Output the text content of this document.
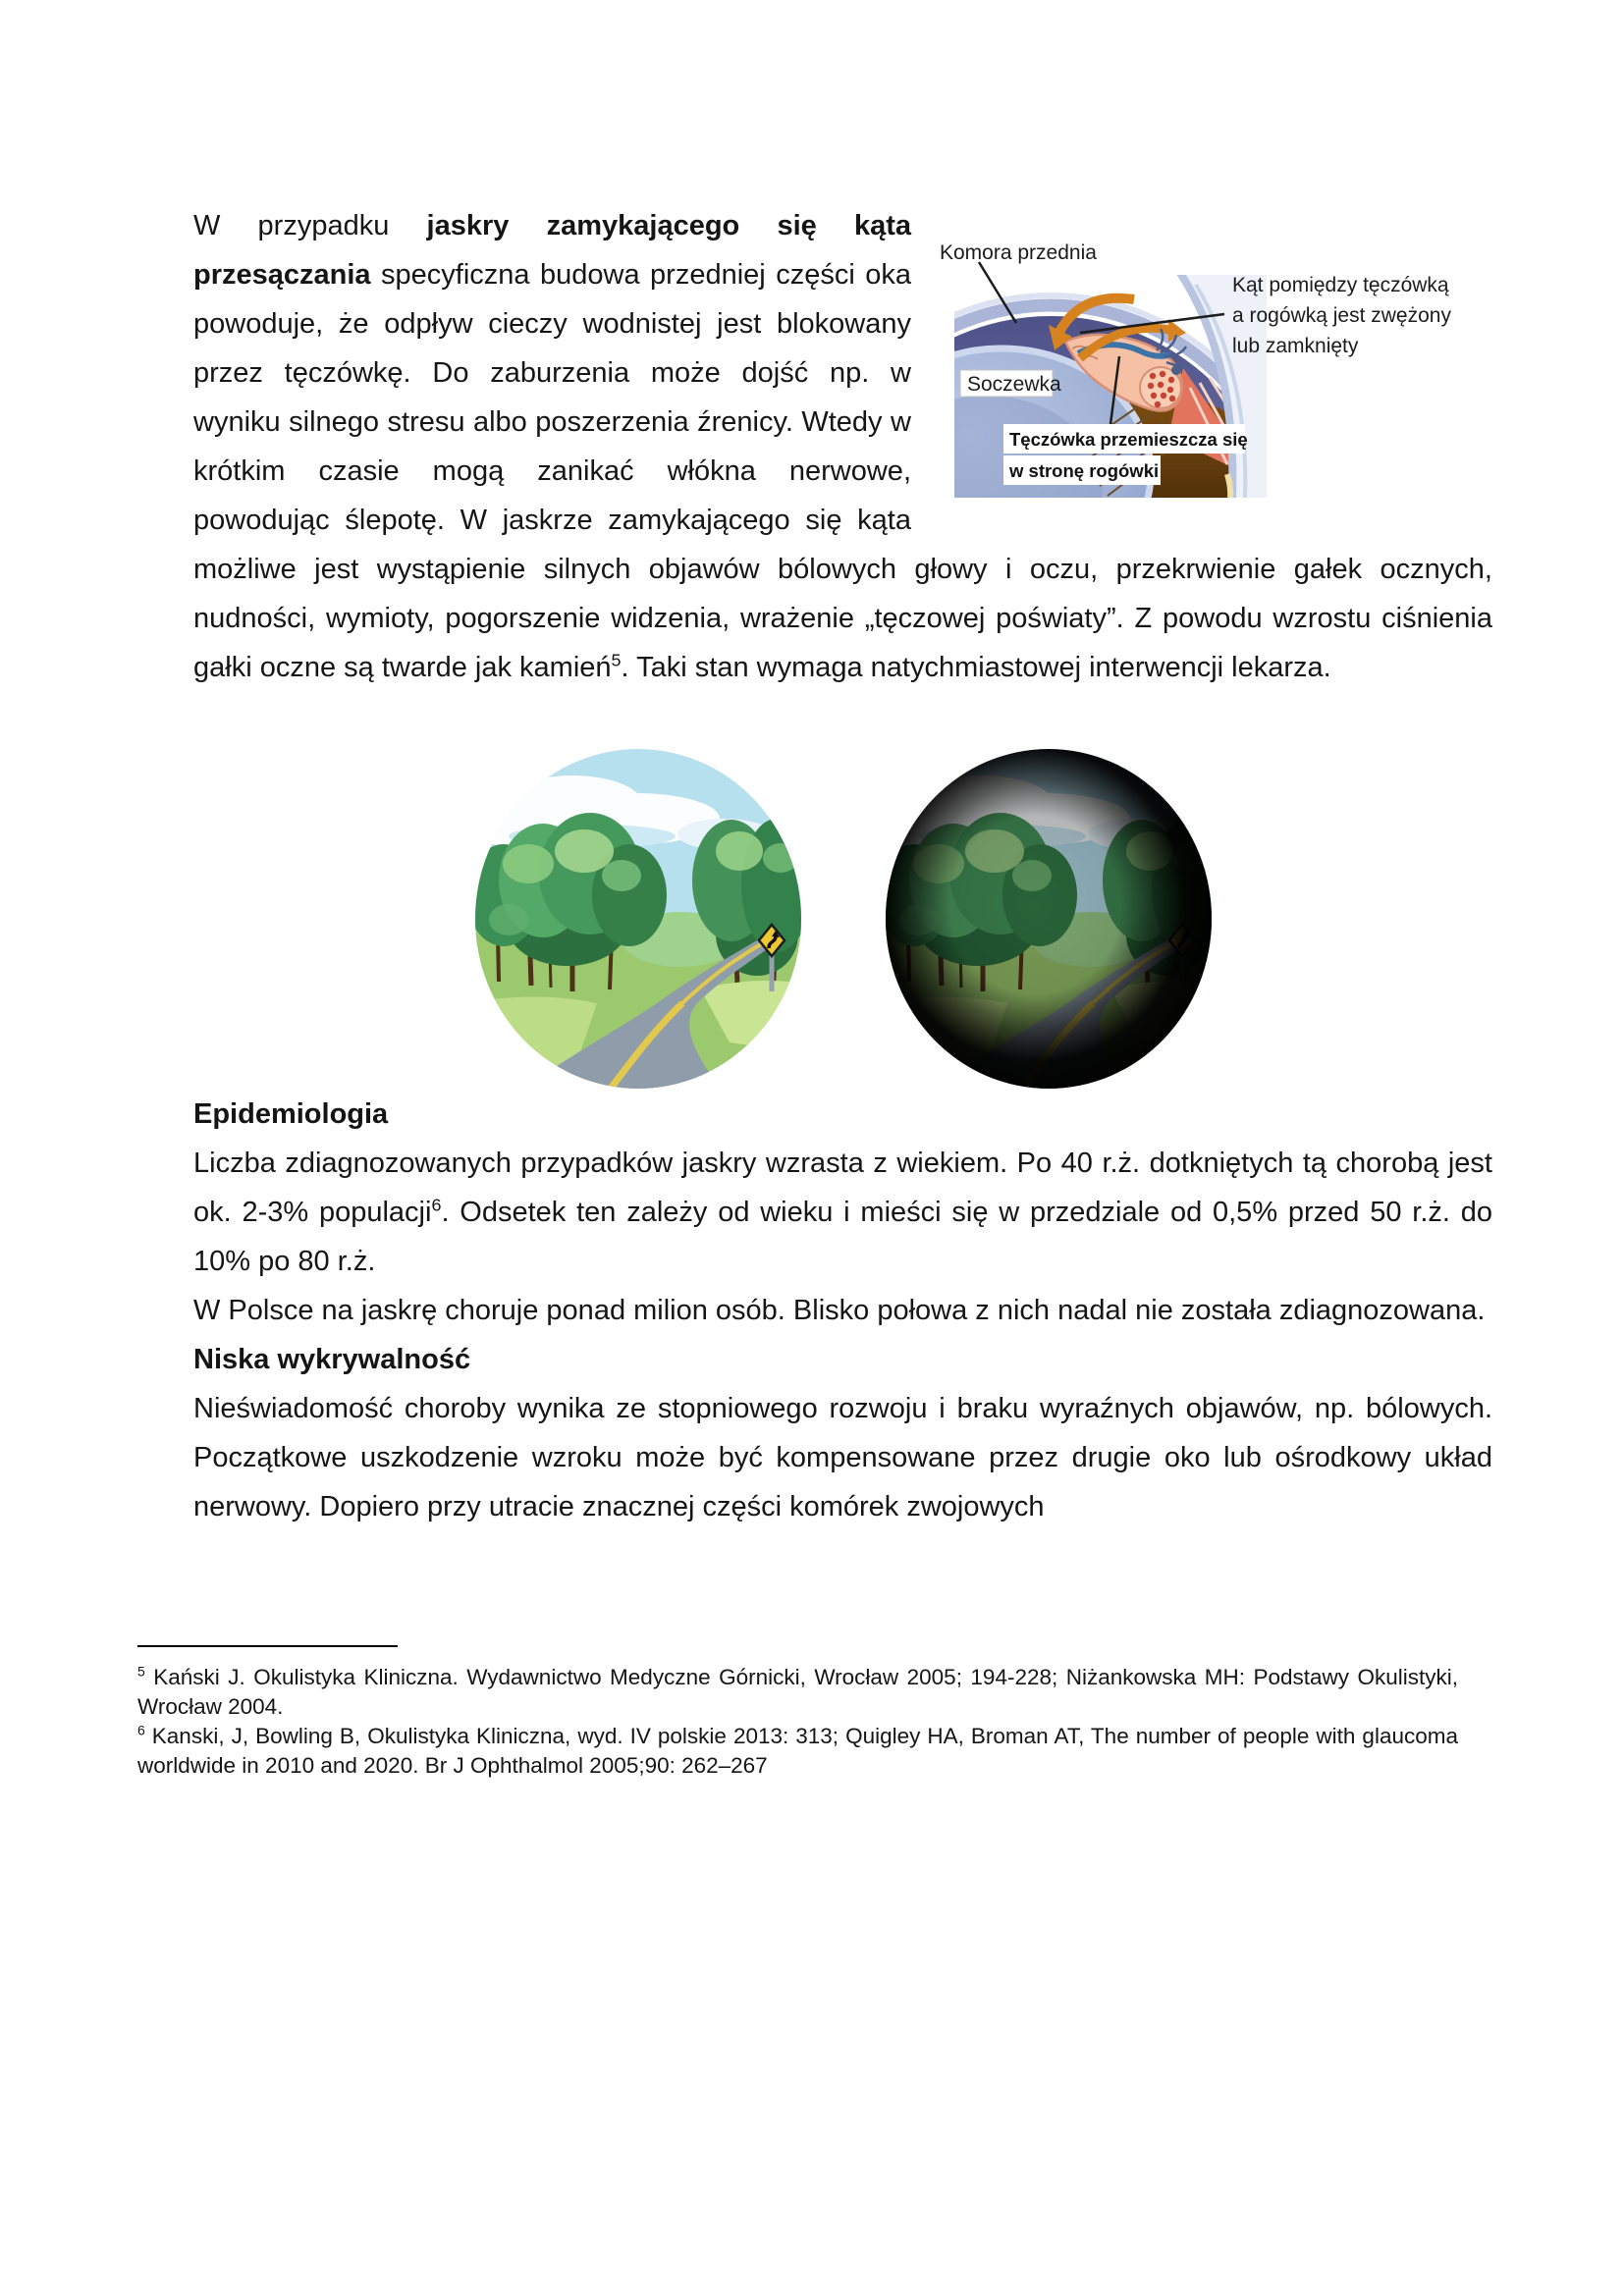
Komora przednia
Kąt pomiędzy tęczówką
a rogówką jest zwężony
lub zamknięty
Soczewka
Tęczówka przemieszcza się
w stronę rogówki
W przypadku jaskry zamykającego się kąta przesączania specyficzna budowa przedniej części oka powoduje, że odpływ cieczy wodnistej jest blokowany przez tęczówkę. Do zaburzenia może dojść np. w wyniku silnego stresu albo poszerzenia źrenicy. Wtedy w krótkim czasie mogą zanikać włókna nerwowe, powodując ślepotę. W jaskrze zamykającego się kąta możliwe jest wystąpienie silnych objawów bólowych głowy i oczu, przekrwienie gałek ocznych, nudności, wymioty, pogorszenie widzenia, wrażenie „tęczowej poświaty”. Z powodu wzrostu ciśnienia gałki oczne są twarde jak kamień$^5$. Taki stan wymaga natychmiastowej interwencji lekarza.

Epidemiologia

Liczba zdiagnozowanych przypadków jaskry wzrasta z wiekiem. Po 40 r.ż. dotkniętych tą chorobą jest ok. 2-3% populacji$^6$. Odsetek ten zależy od wieku i mieści się w przedziale od 0,5% przed 50 r.ż. do 10% po 80 r.ż.

W Polsce na jaskrę choruje ponad milion osób. Blisko połowa z nich nadal nie została zdiagnozowana.

Niska wykrywalność

Nieświadomość choroby wynika ze stopniowego rozwoju i braku wyraźnych objawów, np. bólowych. Początkowe uszkodzenie wzroku może być kompensowane przez drugie oko lub ośrodkowy układ nerwowy. Dopiero przy utracie znacznej części komórek zwojowych

$^5$ Kański J. Okulistyka Kliniczna. Wydawnictwo Medyczne Górnicki, Wrocław 2005; 194-228; Niżankowska MH: Podstawy Okulistyki, Wrocław 2004.

$^6$ Kanski, J, Bowling B, Okulistyka Kliniczna, wyd. IV polskie 2013: 313; Quigley HA, Broman AT, The number of people with glaucoma worldwide in 2010 and 2020. Br J Ophthalmol 2005;90: 262–267
